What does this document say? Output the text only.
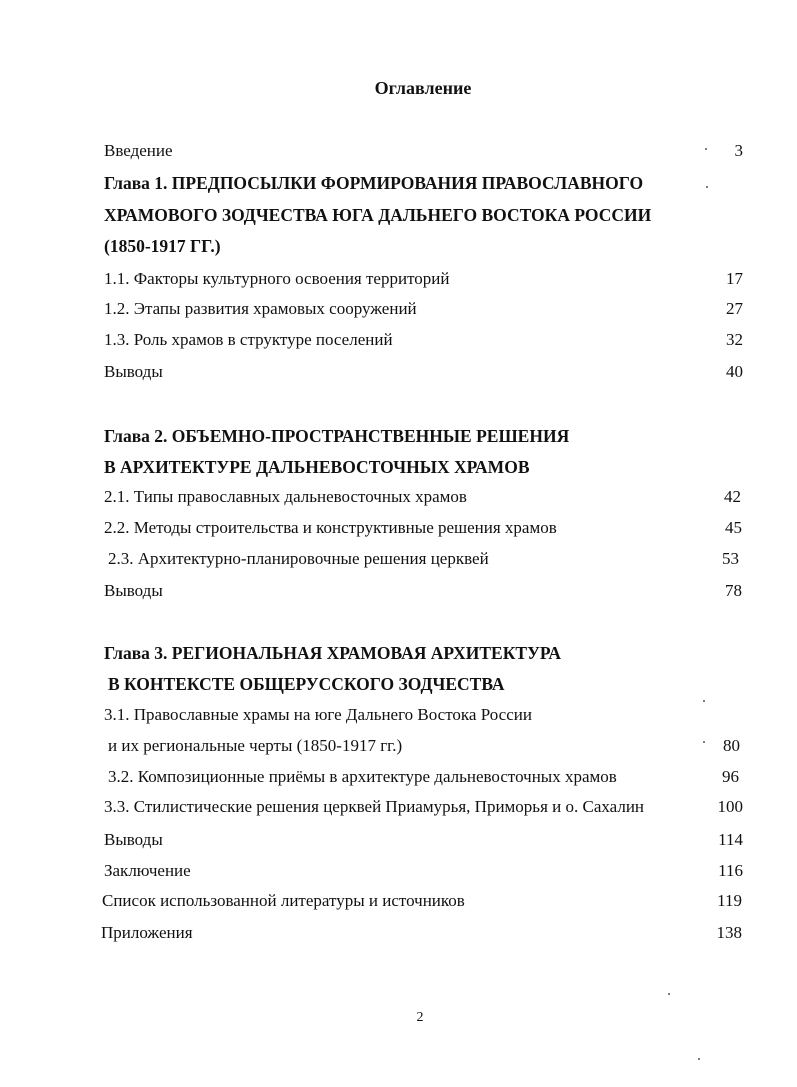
Оглавление
Введение	3
Глава 1. ПРЕДПОСЫЛКИ ФОРМИРОВАНИЯ ПРАВОСЛАВНОГО
ХРАМОВОГО ЗОДЧЕСТВА ЮГА ДАЛЬНЕГО ВОСТОКА РОССИИ
(1850-1917 ГГ.)
1.1. Факторы культурного освоения территорий	17
1.2. Этапы развития храмовых сооружений	27
1.3. Роль храмов в структуре поселений	32
Выводы	40
Глава 2. ОБЪЕМНО-ПРОСТРАНСТВЕННЫЕ РЕШЕНИЯ
В АРХИТЕКТУРЕ ДАЛЬНЕВОСТОЧНЫХ ХРАМОВ
2.1. Типы православных дальневосточных храмов	42
2.2. Методы строительства и конструктивные решения храмов	45
2.3. Архитектурно-планировочные решения церквей	53
Выводы	78
Глава 3. РЕГИОНАЛЬНАЯ ХРАМОВАЯ АРХИТЕКТУРА
В КОНТЕКСТЕ ОБЩЕРУССКОГО ЗОДЧЕСТВА
3.1. Православные храмы на юге Дальнего Востока России
и их региональные черты (1850-1917 гг.)	80
3.2. Композиционные приёмы в архитектуре дальневосточных храмов	96
3.3. Стилистические решения церквей Приамурья, Приморья и о. Сахалин	100
Выводы	114
Заключение	116
Список использованной литературы и источников	119
Приложения	138
2
